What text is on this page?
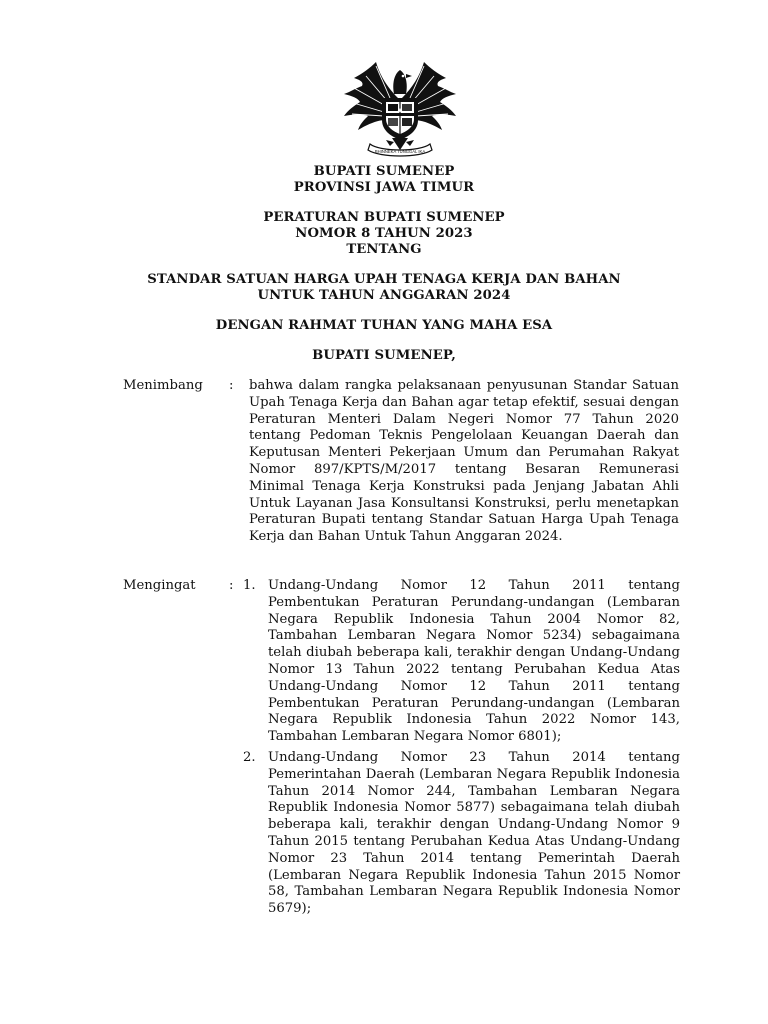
BHINNEKA TUNGGAL IKA
BUPATI SUMENEP
PROVINSI JAWA TIMUR
PERATURAN BUPATI SUMENEP
NOMOR 8 TAHUN 2023
TENTANG
STANDAR SATUAN HARGA UPAH TENAGA KERJA DAN BAHAN
UNTUK TAHUN ANGGARAN 2024
DENGAN RAHMAT TUHAN YANG MAHA ESA
BUPATI SUMENEP,
Menimbang : bahwa dalam rangka pelaksanaan penyusunan Standar Satuan Upah Tenaga Kerja dan Bahan agar tetap efektif, sesuai dengan Peraturan Menteri Dalam Negeri Nomor 77 Tahun 2020 tentang Pedoman Teknis Pengelolaan Keuangan Daerah dan Keputusan Menteri Pekerjaan Umum dan Perumahan Rakyat Nomor 897/KPTS/M/2017 tentang Besaran Remunerasi Minimal Tenaga Kerja Konstruksi pada Jenjang Jabatan Ahli Untuk Layanan Jasa Konsultansi Konstruksi, perlu menetapkan Peraturan Bupati tentang Standar Satuan Harga Upah Tenaga Kerja dan Bahan Untuk Tahun Anggaran 2024.

Mengingat	: 1. Undang-Undang Nomor 12 Tahun 2011 tentang Pembentukan Peraturan Perundang-undangan (Lembaran Negara Republik Indonesia Tahun 2004 Nomor 82, Tambahan Lembaran Negara Nomor 5234) sebagaimana telah diubah beberapa kali, terakhir dengan Undang-Undang Nomor 13 Tahun 2022 tentang Perubahan Kedua Atas Undang-Undang Nomor 12 Tahun 2011 tentang Pembentukan Peraturan Perundang-undangan (Lembaran Negara Republik Indonesia Tahun 2022 Nomor 143, Tambahan Lembaran Negara Nomor 6801);

2. Undang-Undang Nomor 23 Tahun 2014 tentang Pemerintahan Daerah (Lembaran Negara Republik Indonesia Tahun 2014 Nomor 244, Tambahan Lembaran Negara Republik Indonesia Nomor 5877) sebagaimana telah diubah beberapa kali, terakhir dengan Undang-Undang Nomor 9 Tahun 2015 tentang Perubahan Kedua Atas Undang-Undang Nomor 23 Tahun 2014 tentang Pemerintah Daerah (Lembaran Negara Republik Indonesia Tahun 2015 Nomor 58, Tambahan Lembaran Negara Republik Indonesia Nomor 5679);
